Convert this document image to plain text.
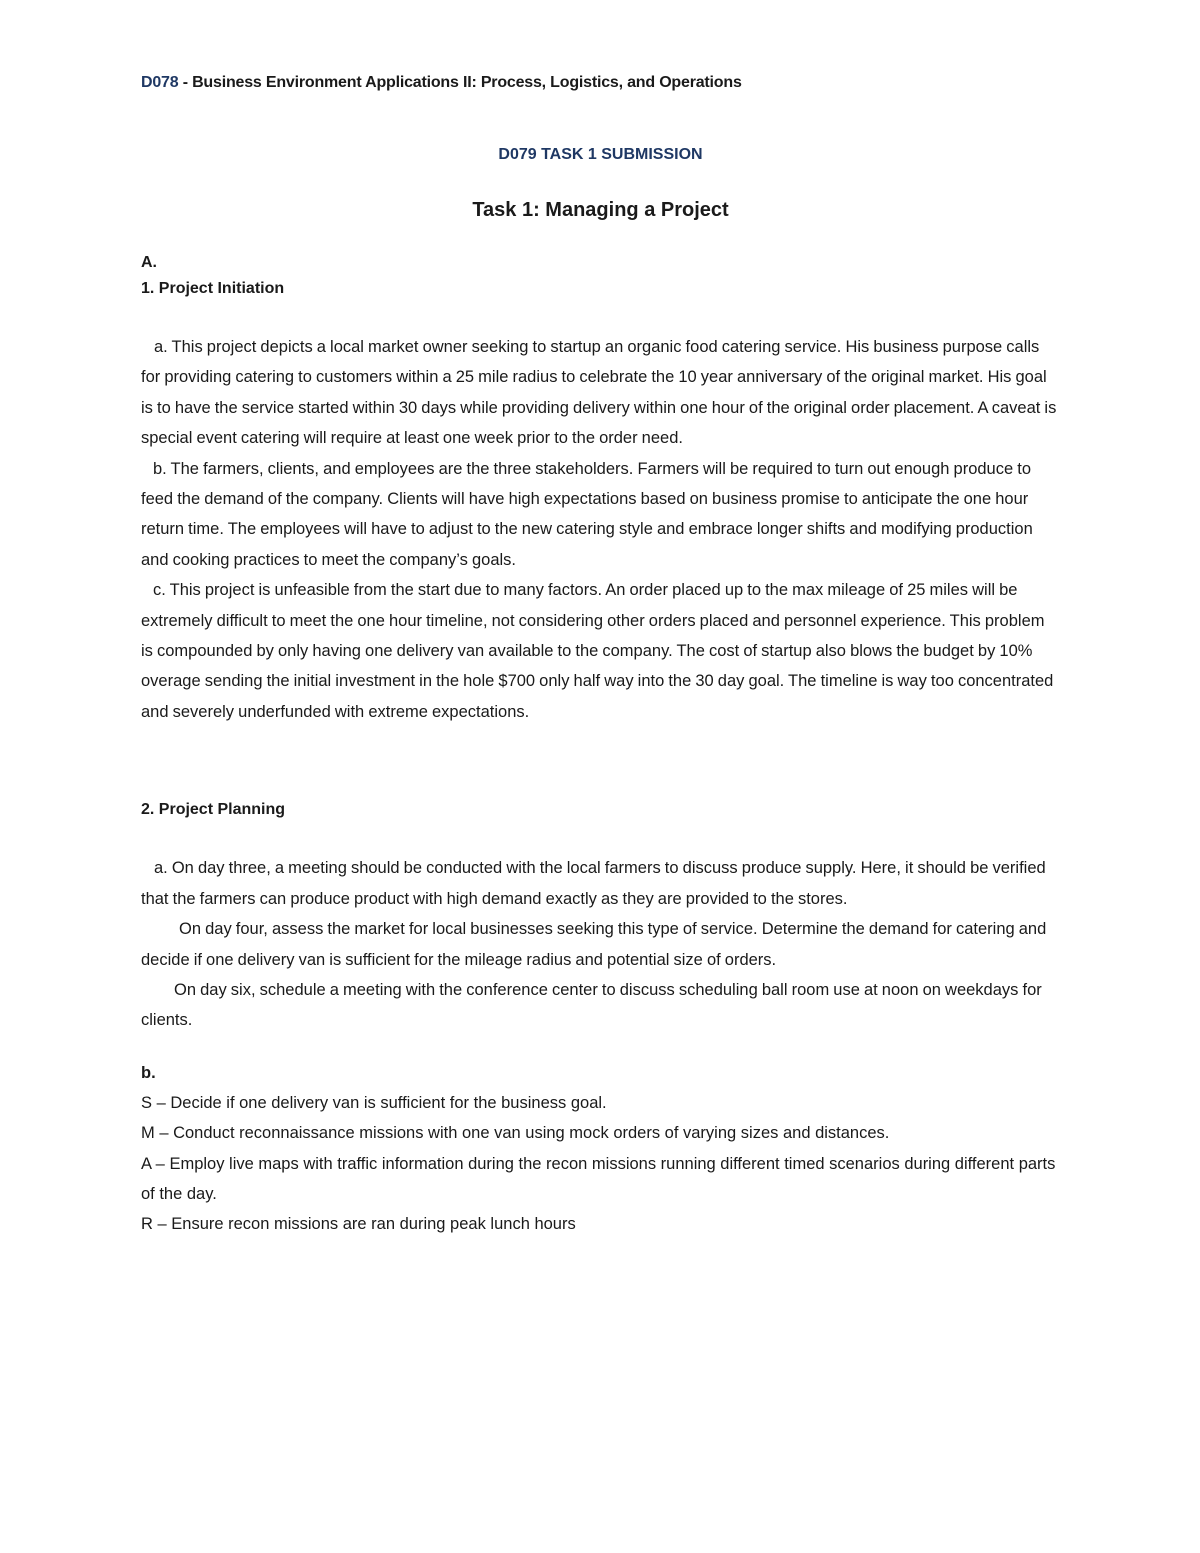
D078 - Business Environment Applications II: Process, Logistics, and Operations

D079 TASK 1 SUBMISSION

Task 1: Managing a Project

A.

1. Project Initiation

a. This project depicts a local market owner seeking to startup an organic food catering service. His business purpose calls for providing catering to customers within a 25 mile radius to celebrate the 10 year anniversary of the original market. His goal is to have the service started within 30 days while providing delivery within one hour of the original order placement. A caveat is special event catering will require at least one week prior to the order need.

b. The farmers, clients, and employees are the three stakeholders. Farmers will be required to turn out enough produce to feed the demand of the company. Clients will have high expectations based on business promise to anticipate the one hour return time. The employees will have to adjust to the new catering style and embrace longer shifts and modifying production and cooking practices to meet the company’s goals.

c. This project is unfeasible from the start due to many factors. An order placed up to the max mileage of 25 miles will be extremely difficult to meet the one hour timeline, not considering other orders placed and personnel experience. This problem is compounded by only having one delivery van available to the company. The cost of startup also blows the budget by 10% overage sending the initial investment in the hole $700 only half way into the 30 day goal. The timeline is way too concentrated and severely underfunded with extreme expectations.

2. Project Planning

a. On day three, a meeting should be conducted with the local farmers to discuss produce supply. Here, it should be verified that the farmers can produce product with high demand exactly as they are provided to the stores.

On day four, assess the market for local businesses seeking this type of service. Determine the demand for catering and decide if one delivery van is sufficient for the mileage radius and potential size of orders.

On day six, schedule a meeting with the conference center to discuss scheduling ball room use at noon on weekdays for clients.

b.

S – Decide if one delivery van is sufficient for the business goal.

M – Conduct reconnaissance missions with one van using mock orders of varying sizes and distances.

A – Employ live maps with traffic information during the recon missions running different timed scenarios during different parts of the day.

R – Ensure recon missions are ran during peak lunch hours
